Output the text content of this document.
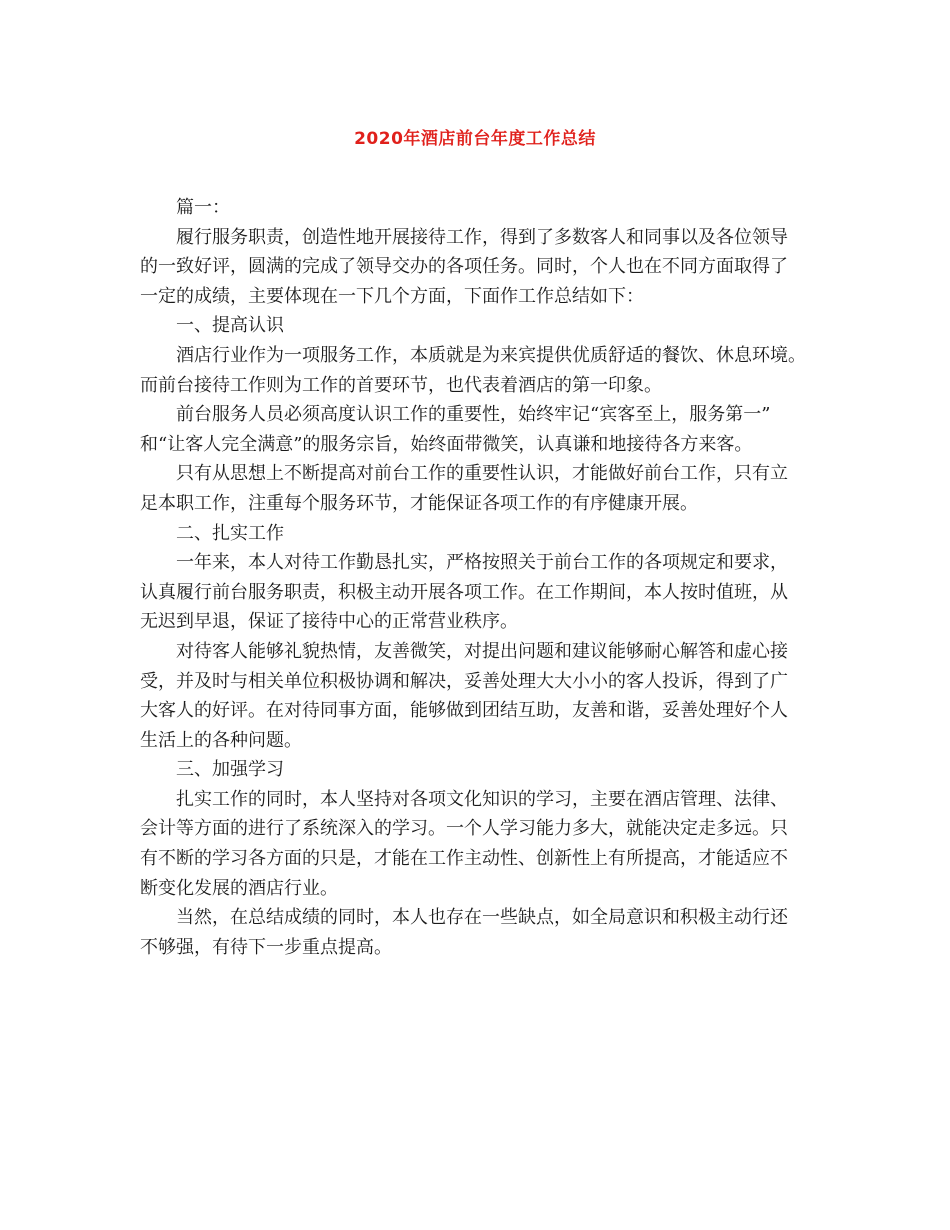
2020年酒店前台年度工作总结
篇一：
履行服务职责，创造性地开展接待工作，得到了多数客人和同事以及各位领导
的一致好评，圆满的完成了领导交办的各项任务。同时，个人也在不同方面取得了
一定的成绩，主要体现在一下几个方面，下面作工作总结如下：
一、提高认识
酒店行业作为一项服务工作，本质就是为来宾提供优质舒适的餐饮、休息环境。
而前台接待工作则为工作的首要环节，也代表着酒店的第一印象。
前台服务人员必须高度认识工作的重要性，始终牢记“宾客至上，服务第一”
和“让客人完全满意”的服务宗旨，始终面带微笑，认真谦和地接待各方来客。
只有从思想上不断提高对前台工作的重要性认识，才能做好前台工作，只有立
足本职工作，注重每个服务环节，才能保证各项工作的有序健康开展。
二、扎实工作
一年来，本人对待工作勤恳扎实，严格按照关于前台工作的各项规定和要求，
认真履行前台服务职责，积极主动开展各项工作。在工作期间，本人按时值班，从
无迟到早退，保证了接待中心的正常营业秩序。
对待客人能够礼貌热情，友善微笑，对提出问题和建议能够耐心解答和虚心接
受，并及时与相关单位积极协调和解决，妥善处理大大小小的客人投诉，得到了广
大客人的好评。在对待同事方面，能够做到团结互助，友善和谐，妥善处理好个人
生活上的各种问题。
三、加强学习
扎实工作的同时，本人坚持对各项文化知识的学习，主要在酒店管理、法律、
会计等方面的进行了系统深入的学习。一个人学习能力多大，就能决定走多远。只
有不断的学习各方面的只是，才能在工作主动性、创新性上有所提高，才能适应不
断变化发展的酒店行业。
当然，在总结成绩的同时，本人也存在一些缺点，如全局意识和积极主动行还
不够强，有待下一步重点提高。
